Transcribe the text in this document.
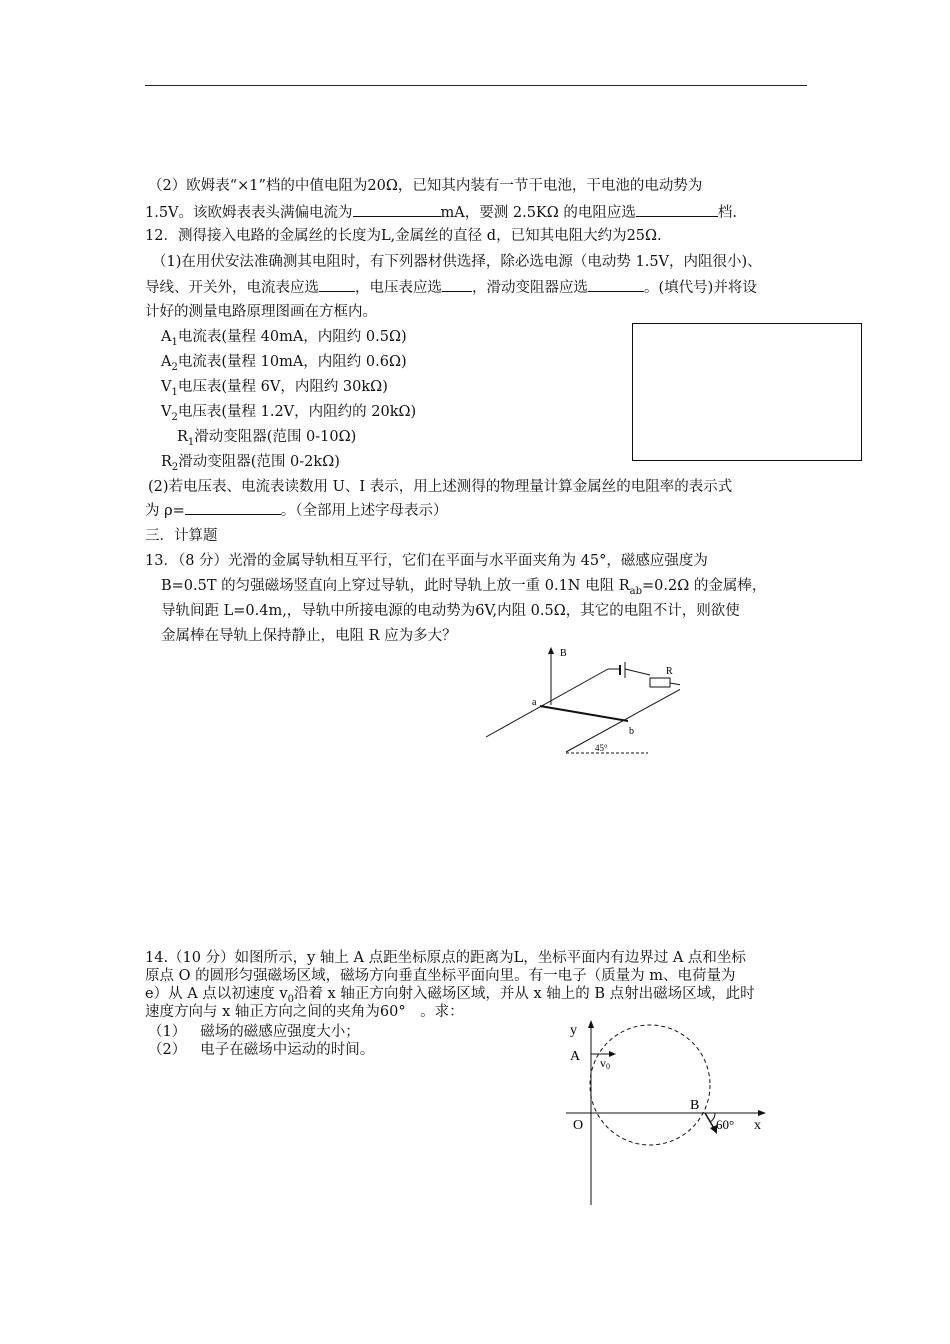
（2）欧姆表“×1”档的中值电阻为20Ω，已知其内装有一节干电池，干电池的电动势为
1.5V。该欧姆表表头满偏电流为	mA，要测 2.5KΩ 的电阻应选	档.
12．测得接入电路的金属丝的长度为L,金属丝的直径 d，已知其电阻大约为25Ω.
（1)在用伏安法准确测其电阻时，有下列器材供选择，除必选电源（电动势 1.5V，内阻很小)、
导线、开关外，电流表应选 ，电压表应选 ，滑动变阻器应选	。(填代号)并将设
计好的测量电路原理图画在方框内。
$A_1$电流表(量程 40mA，内阻约 0.5Ω)
$A_2$电流表(量程 10mA，内阻约 0.6Ω)
$V_1$电压表(量程 6V，内阻约 30kΩ)
$V_2$电压表(量程 1.2V，内阻约的 20kΩ)
$R_1$滑动变阻器(范围 0-10Ω)
$R_2$滑动变阻器(范围 0-2kΩ)
(2)若电压表、电流表读数用 U、I 表示，用上述测得的物理量计算金属丝的电阻率的表示式
为 ρ=	。（全部用上述字母表示）
三．计算题
13．（8 分）光滑的金属导轨相互平行，它们在平面与水平面夹角为 45°，磁感应强度为
B=0.5T 的匀强磁场竖直向上穿过导轨，此时导轨上放一重 0.1N 电阻 $R_{ab}=0.2\Omega$ 的金属棒，
导轨间距 L=0.4m,，导轨中所接电源的电动势为6V,内阻 0.5Ω，其它的电阻不计，则欲使
金属棒在导轨上保持静止，电阻 R 应为多大？
B
R
a
b
45°
14.（10 分）如图所示，y 轴上 A 点距坐标原点的距离为L，坐标平面内有边界过 A 点和坐标
原点 O 的圆形匀强磁场区域，磁场方向垂直坐标平面向里。有一电子（质量为 m、电荷量为
e）从 A 点以初速度 $v_0$沿着 x 轴正方向射入磁场区域，并从 x 轴上的 B 点射出磁场区域，此时
速度方向与 x 轴正方向之间的夹角为60°　。求：
（1） 磁场的磁感应强度大小；
（2） 电子在磁场中运动的时间。
y
x
A v0
O
B
60°
